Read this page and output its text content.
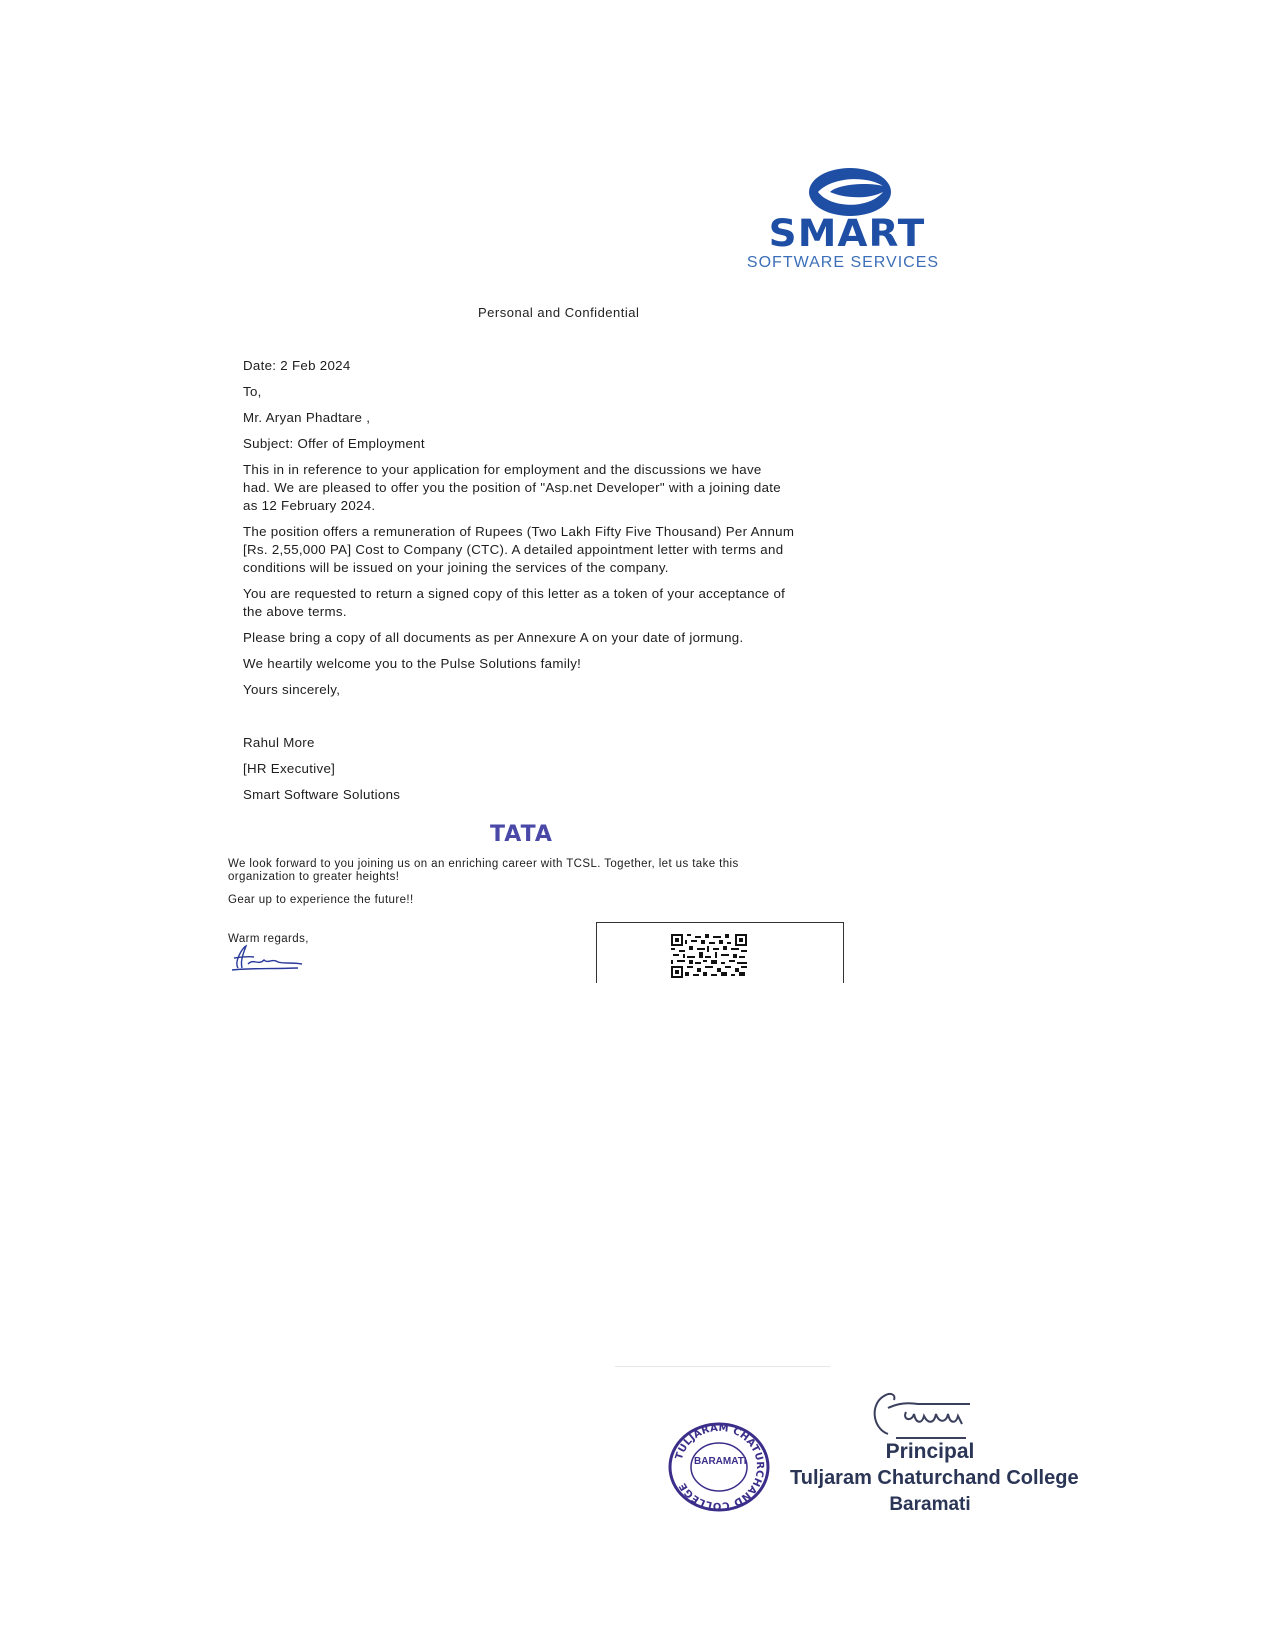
SMART
SOFTWARE SERVICES
Personal and Confidential
Date: 2 Feb 2024
To,
Mr. Aryan Phadtare ,
Subject: Offer of Employment
This in in reference to your application for employment and the discussions we have
had. We are pleased to offer you the position of "Asp.net Developer" with a joining date
as 12 February 2024.
The position offers a remuneration of Rupees (Two Lakh Fifty Five Thousand) Per Annum
[Rs. 2,55,000 PA] Cost to Company (CTC). A detailed appointment letter with terms and
conditions will be issued on your joining the services of the company.
You are requested to return a signed copy of this letter as a token of your acceptance of
the above terms.
Please bring a copy of all documents as per Annexure A on your date of jormung.
We heartily welcome you to the Pulse Solutions family!
Yours sincerely,
Rahul More
[HR Executive]
Smart Software Solutions
TATA
We look forward to you joining us on an enriching career with TCSL. Together, let us take this
organization to greater heights!
Gear up to experience the future!!
Warm regards,
TULJARAM CHATURCHAND COLLEGE
BARAMATI	Principal
Tuljaram Chaturchand College
Baramati
